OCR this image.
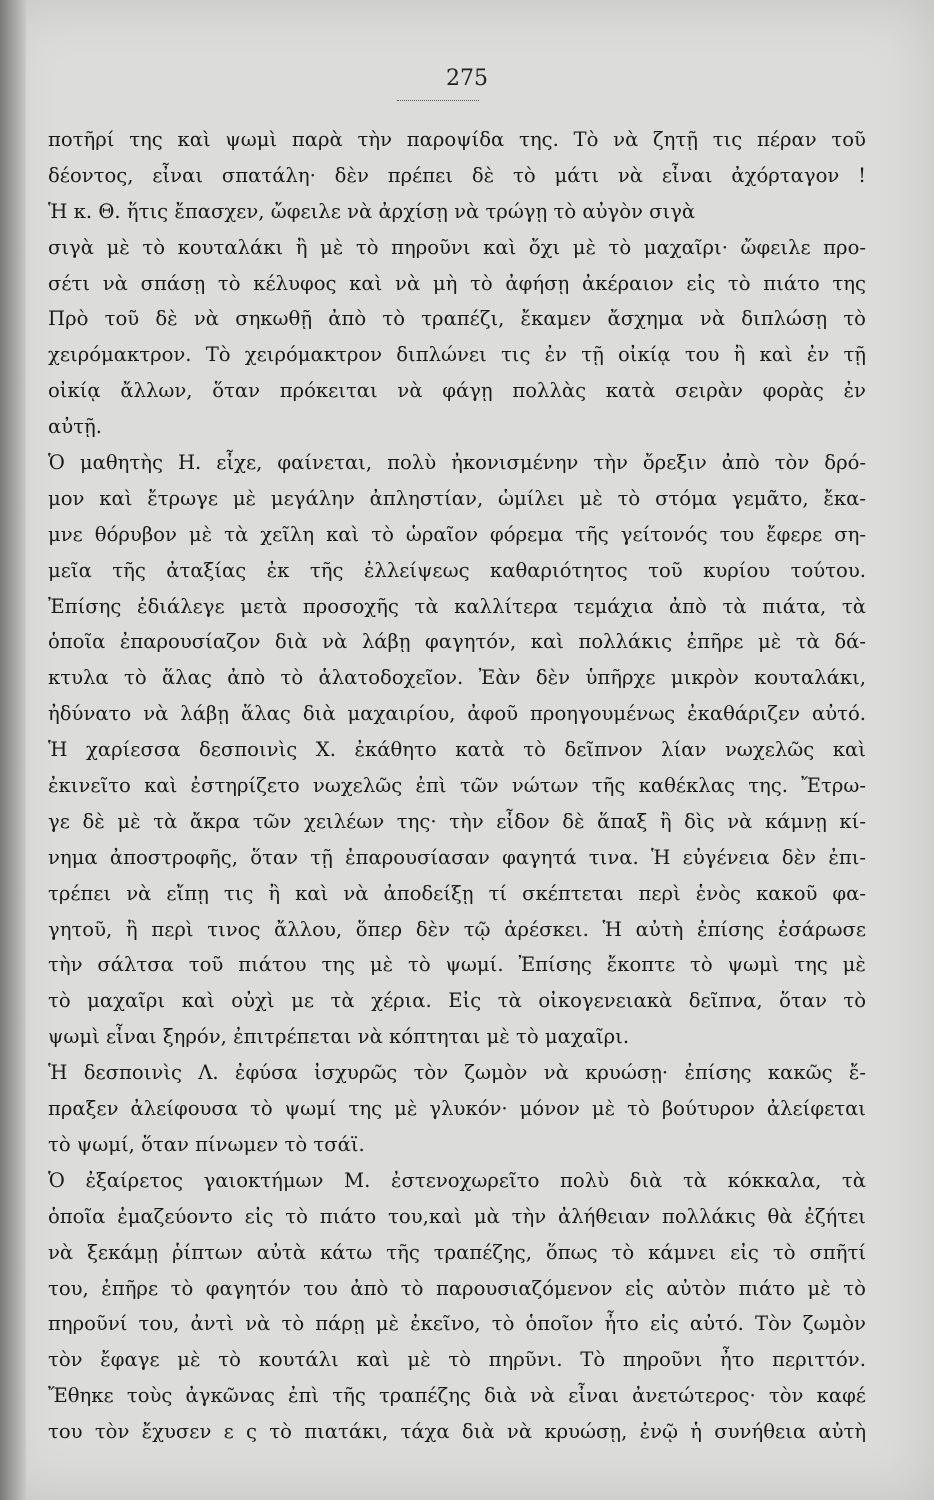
275
ποτῆρί της καὶ ψωμὶ παρὰ τὴν παροψίδα της. Τὸ νὰ ζητῇ τις πέραν τοῦ
δέοντος, εἶναι σπατάλη· δὲν πρέπει δὲ τὸ μάτι νὰ εἶναι ἀχόρταγον !
Ἡ κ. Θ. ἥτις ἔπασχεν, ὤφειλε νὰ ἀρχίσῃ νὰ τρώγῃ τὸ αὐγὸν σιγὰ
σιγὰ μὲ τὸ κουταλάκι ἢ μὲ τὸ πηροῦνι καὶ ὄχι μὲ τὸ μαχαῖρι· ὤφειλε προ-
σέτι νὰ σπάσῃ τὸ κέλυφος καὶ νὰ μὴ τὸ ἀφήσῃ ἀκέραιον εἰς τὸ πιάτο της
Πρὸ τοῦ δὲ νὰ σηκωθῇ ἀπὸ τὸ τραπέζι, ἔκαμεν ἄσχημα νὰ διπλώσῃ τὸ
χειρόμακτρον. Τὸ χειρόμακτρον διπλώνει τις ἐν τῇ οἰκίᾳ του ἢ καὶ ἐν τῇ
οἰκίᾳ ἄλλων, ὅταν πρόκειται νὰ φάγῃ πολλὰς κατὰ σειρὰν φορὰς ἐν
αὐτῇ.
Ὁ μαθητὴς Η. εἶχε, φαίνεται, πολὺ ἠκονισμένην τὴν ὄρεξιν ἀπὸ τὸν δρό-
μον καὶ ἔτρωγε μὲ μεγάλην ἀπληστίαν, ὡμίλει μὲ τὸ στόμα γεμᾶτο, ἔκα-
μνε θόρυβον μὲ τὰ χεῖλη καὶ τὸ ὡραῖον φόρεμα τῆς γείτονός του ἔφερε ση-
μεῖα τῆς ἀταξίας ἐκ τῆς ἐλλείψεως καθαριότητος τοῦ κυρίου τούτου.
Ἐπίσης ἐδιάλεγε μετὰ προσοχῆς τὰ καλλίτερα τεμάχια ἀπὸ τὰ πιάτα, τὰ
ὁποῖα ἐπαρουσίαζον διὰ νὰ λάβῃ φαγητόν, καὶ πολλάκις ἐπῆρε μὲ τὰ δά-
κτυλα τὸ ἅλας ἀπὸ τὸ ἁλατοδοχεῖον. Ἐὰν δὲν ὑπῆρχε μικρὸν κουταλάκι,
ἠδύνατο νὰ λάβῃ ἅλας διὰ μαχαιρίου, ἀφοῦ προηγουμένως ἐκαθάριζεν αὐτό.
Ἡ χαρίεσσα δεσποινὶς Χ. ἐκάθητο κατὰ τὸ δεῖπνον λίαν νωχελῶς καὶ
ἐκινεῖτο καὶ ἐστηρίζετο νωχελῶς ἐπὶ τῶν νώτων τῆς καθέκλας της. Ἔτρω-
γε δὲ μὲ τὰ ἄκρα τῶν χειλέων της· τὴν εἶδον δὲ ἅπαξ ἢ δὶς νὰ κάμνῃ κί-
νημα ἀποστροφῆς, ὅταν τῇ ἐπαρουσίασαν φαγητά τινα. Ἡ εὐγένεια δὲν ἐπι-
τρέπει νὰ εἴπῃ τις ἢ καὶ νὰ ἀποδείξῃ τί σκέπτεται περὶ ἑνὸς κακοῦ φα-
γητοῦ, ἢ περὶ τινος ἄλλου, ὅπερ δὲν τῷ ἀρέσκει. Ἡ αὐτὴ ἐπίσης ἐσάρωσε
τὴν σάλτσα τοῦ πιάτου της μὲ τὸ ψωμί. Ἐπίσης ἔκοπτε τὸ ψωμὶ της μὲ
τὸ μαχαῖρι καὶ οὐχὶ με τὰ χέρια. Εἰς τὰ οἰκογενειακὰ δεῖπνα, ὅταν τὸ
ψωμὶ εἶναι ξηρόν, ἐπιτρέπεται νὰ κόπτηται μὲ τὸ μαχαῖρι.
Ἡ δεσποινὶς Λ. ἐφύσα ἰσχυρῶς τὸν ζωμὸν νὰ κρυώσῃ· ἐπίσης κακῶς ἔ-
πραξεν ἀλείφουσα τὸ ψωμί της μὲ γλυκόν· μόνον μὲ τὸ βούτυρον ἀλείφεται
τὸ ψωμί, ὅταν πίνωμεν τὸ τσάϊ.
Ὁ ἐξαίρετος γαιοκτήμων Μ. ἐστενοχωρεῖτο πολὺ διὰ τὰ κόκκαλα, τὰ
ὁποῖα ἐμαζεύοντο εἰς τὸ πιάτο του,καὶ μὰ τὴν ἀλήθειαν πολλάκις θὰ ἐζήτει
νὰ ξεκάμῃ ῥίπτων αὐτὰ κάτω τῆς τραπέζης, ὅπως τὸ κάμνει εἰς τὸ σπῆτί
του, ἐπῆρε τὸ φαγητόν του ἀπὸ τὸ παρουσιαζόμενον εἰς αὐτὸν πιάτο μὲ τὸ
πηροῦνί του, ἀντὶ νὰ τὸ πάρῃ μὲ ἐκεῖνο, τὸ ὁποῖον ἦτο εἰς αὐτό. Τὸν ζωμὸν
τὸν ἔφαγε μὲ τὸ κουτάλι καὶ μὲ τὸ πηρῦνι. Τὸ πηροῦνι ἦτο περιττόν.
Ἔθηκε τοὺς ἀγκῶνας ἐπὶ τῆς τραπέζης διὰ νὰ εἶναι ἀνετώτερος· τὸν καφέ
του τὸν ἔχυσεν ε ς τὸ πιατάκι, τάχα διὰ νὰ κρυώσῃ, ἐνῷ ἡ συνήθεια αὐτὴ
